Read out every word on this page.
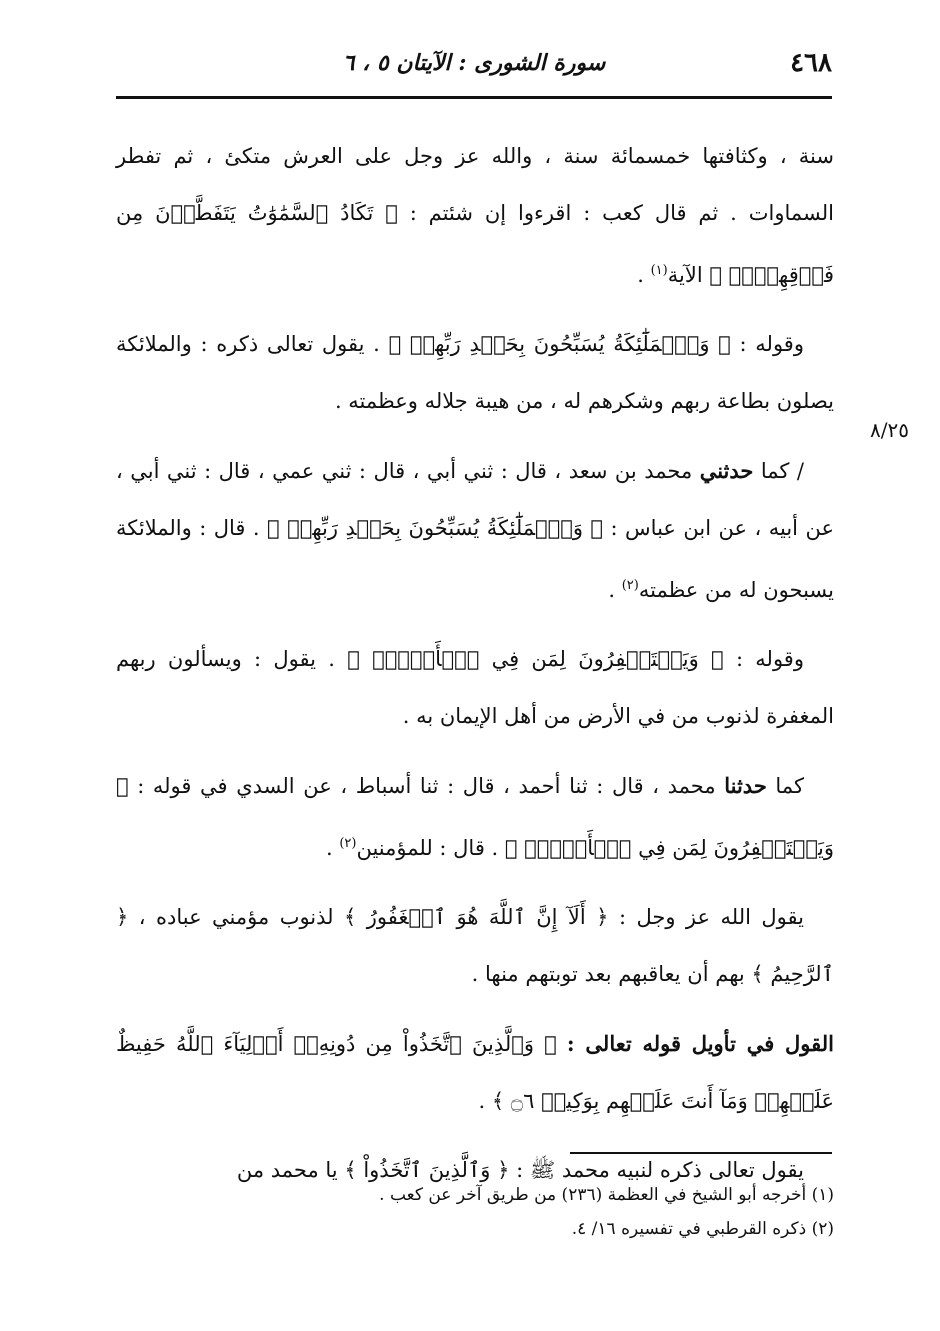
٤٦٨
سورة الشورى : الآيتان ٥ ، ٦
٨/٢٥

سنة ، وكثافتها خمسمائة سنة ، والله عز وجل على العرش متكئ ، ثم تفطر السماوات . ثم قال كعب : اقرءوا إن شئتم : ﴿ تَكَادُ ٱلسَّمَٰوَٰتُ يَتَفَطَّرۡنَ مِن فَوۡقِهِنَّۚ ﴾ الآية$^{(١)}$ .

وقوله : ﴿ وَٱلۡمَلَٰٓئِكَةُ يُسَبِّحُونَ بِحَمۡدِ رَبِّهِمۡ ﴾ . يقول تعالى ذكره : والملائكة يصلون بطاعة ربهم وشكرهم له ، من هيبة جلاله وعظمته .

/ كما حدثني محمد بن سعد ، قال : ثني أبي ، قال : ثني عمي ، قال : ثني أبي ، عن أبيه ، عن ابن عباس : ﴿ وَٱلۡمَلَٰٓئِكَةُ يُسَبِّحُونَ بِحَمۡدِ رَبِّهِمۡ ﴾ . قال : والملائكة يسبحون له من عظمته$^{(٢)}$ .

وقوله : ﴿ وَيَسۡتَغۡفِرُونَ لِمَن فِي ٱلۡأَرۡضِۗ ﴾ . يقول : ويسألون ربهم المغفرة لذنوب من في الأرض من أهل الإيمان به .

كما حدثنا محمد ، قال : ثنا أحمد ، قال : ثنا أسباط ، عن السدي في قوله : ﴿ وَيَسۡتَغۡفِرُونَ لِمَن فِي ٱلۡأَرۡضِۗ ﴾ . قال : للمؤمنين$^{(٢)}$ .

يقول الله عز وجل : ﴿ أَلَآ إِنَّ ٱللَّهَ هُوَ ٱلۡغَفُورُ ﴾ لذنوب مؤمني عباده ، ﴿ ٱلرَّحِيمُ ﴾ بهم أن يعاقبهم بعد توبتهم منها .

القول في تأويل قوله تعالى : ﴿ وَٱلَّذِينَ ٱتَّخَذُواْ مِن دُونِهِۦٓ أَوۡلِيَآءَ ٱللَّهُ حَفِيظٌ عَلَيۡهِمۡ وَمَآ أَنتَ عَلَيۡهِم بِوَكِيلٖ ۝٦ ﴾ .

يقول تعالى ذكره لنبيه محمد ﷺ : ﴿ وَٱلَّذِينَ ٱتَّخَذُواْ ﴾ يا محمد من

(١) أخرجه أبو الشيخ في العظمة (٢٣٦) من طريق آخر عن كعب .

(٢) ذكره القرطبي في تفسيره ١٦/ ٤.
